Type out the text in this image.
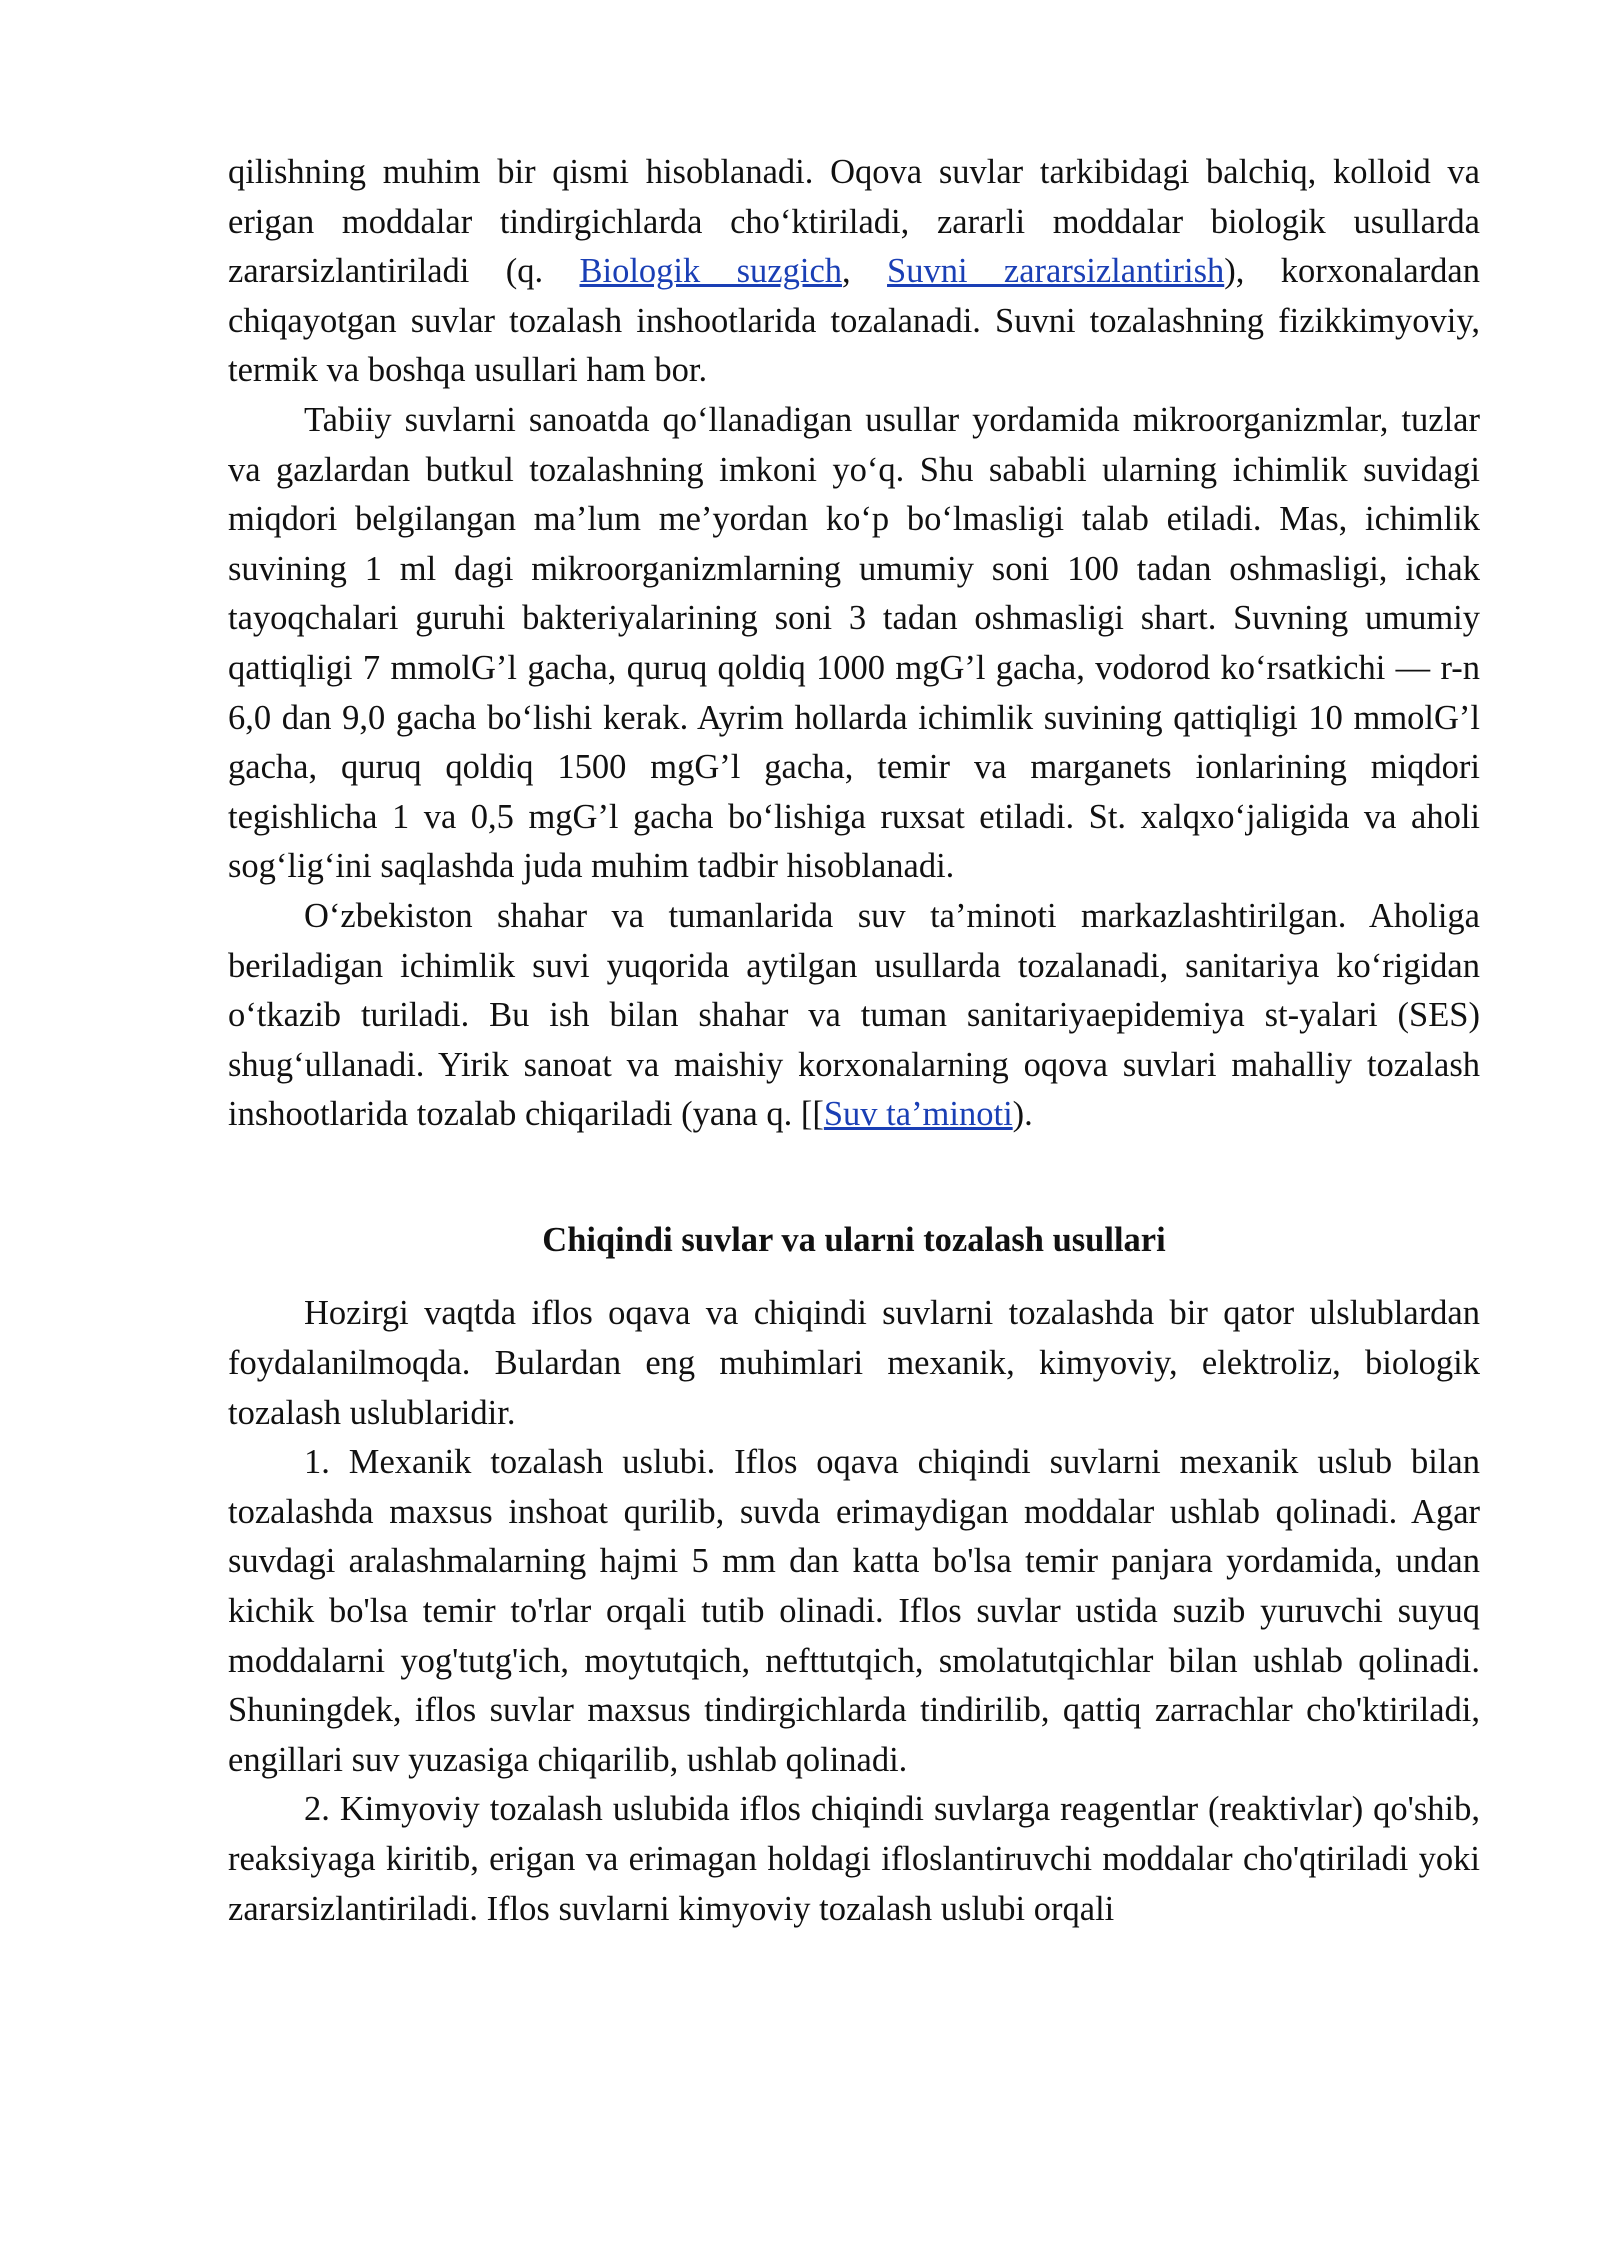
qilishning muhim bir qismi hisoblanadi. Oqova suvlar tarkibidagi balchiq, kolloid va erigan moddalar tindirgichlarda cho‘ktiriladi, zararli moddalar biologik usullarda zararsizlantiriladi (q. Biologik suzgich, Suvni zararsizlantirish), korxonalardan chiqayotgan suvlar tozalash inshootlarida tozalanadi. Suvni tozalashning fizikkimyoviy, termik va boshqa usullari ham bor.

Tabiiy suvlarni sanoatda qo‘llanadigan usullar yordamida mikroorganizmlar, tuzlar va gazlardan butkul tozalashning imkoni yo‘q. Shu sababli ularning ichimlik suvidagi miqdori belgilangan ma’lum me’yordan ko‘p bo‘lmasligi talab etiladi. Mas, ichimlik suvining 1 ml dagi mikroorganizmlarning umumiy soni 100 tadan oshmasligi, ichak tayoqchalari guruhi bakteriyalarining soni 3 tadan oshmasligi shart. Suvning umumiy qattiqligi 7 mmolG’l gacha, quruq qoldiq 1000 mgG’l gacha, vodorod ko‘rsatkichi — r-n 6,0 dan 9,0 gacha bo‘lishi kerak. Ayrim hollarda ichimlik suvining qattiqligi 10 mmolG’l gacha, quruq qoldiq 1500 mgG’l gacha, temir va marganets ionlarining miqdori tegishlicha 1 va 0,5 mgG’l gacha bo‘lishiga ruxsat etiladi. St. xalqxo‘jaligida va aholi sog‘lig‘ini saqlashda juda muhim tadbir hisoblanadi.

O‘zbekiston shahar va tumanlarida suv ta’minoti markazlashtirilgan. Aholiga beriladigan ichimlik suvi yuqorida aytilgan usullarda tozalanadi, sanitariya ko‘rigidan o‘tkazib turiladi. Bu ish bilan shahar va tuman sanitariyaepidemiya st-yalari (SES) shug‘ullanadi. Yirik sanoat va maishiy korxonalarning oqova suvlari mahalliy tozalash inshootlarida tozalab chiqariladi (yana q. [[Suv ta’minoti).

Chiqindi suvlar va ularni tozalash usullari

Hozirgi vaqtda iflos oqava va chiqindi suvlarni tozalashda bir qator ulslublardan foydalanilmoqda. Bulardan eng muhimlari mexanik, kimyoviy, elektroliz, biologik tozalash uslublaridir.

1. Mexanik tozalash uslubi. Iflos oqava chiqindi suvlarni mexanik uslub bilan tozalashda maxsus inshoat qurilib, suvda erimaydigan moddalar ushlab qolinadi. Agar suvdagi aralashmalarning hajmi 5 mm dan katta bo'lsa temir panjara yordamida, undan kichik bo'lsa temir to'rlar orqali tutib olinadi. Iflos suvlar ustida suzib yuruvchi suyuq moddalarni yog'tutg'ich, moytutqich, nefttutqich, smolatutqichlar bilan ushlab qolinadi. Shuningdek, iflos suvlar maxsus tindirgichlarda tindirilib, qattiq zarrachlar cho'ktiriladi, engillari suv yuzasiga chiqarilib, ushlab qolinadi.

2. Kimyoviy tozalash uslubida iflos chiqindi suvlarga reagentlar (reaktivlar) qo'shib, reaksiyaga kiritib, erigan va erimagan holdagi ifloslantiruvchi moddalar cho'qtiriladi yoki zararsizlantiriladi. Iflos suvlarni kimyoviy tozalash uslubi orqali
